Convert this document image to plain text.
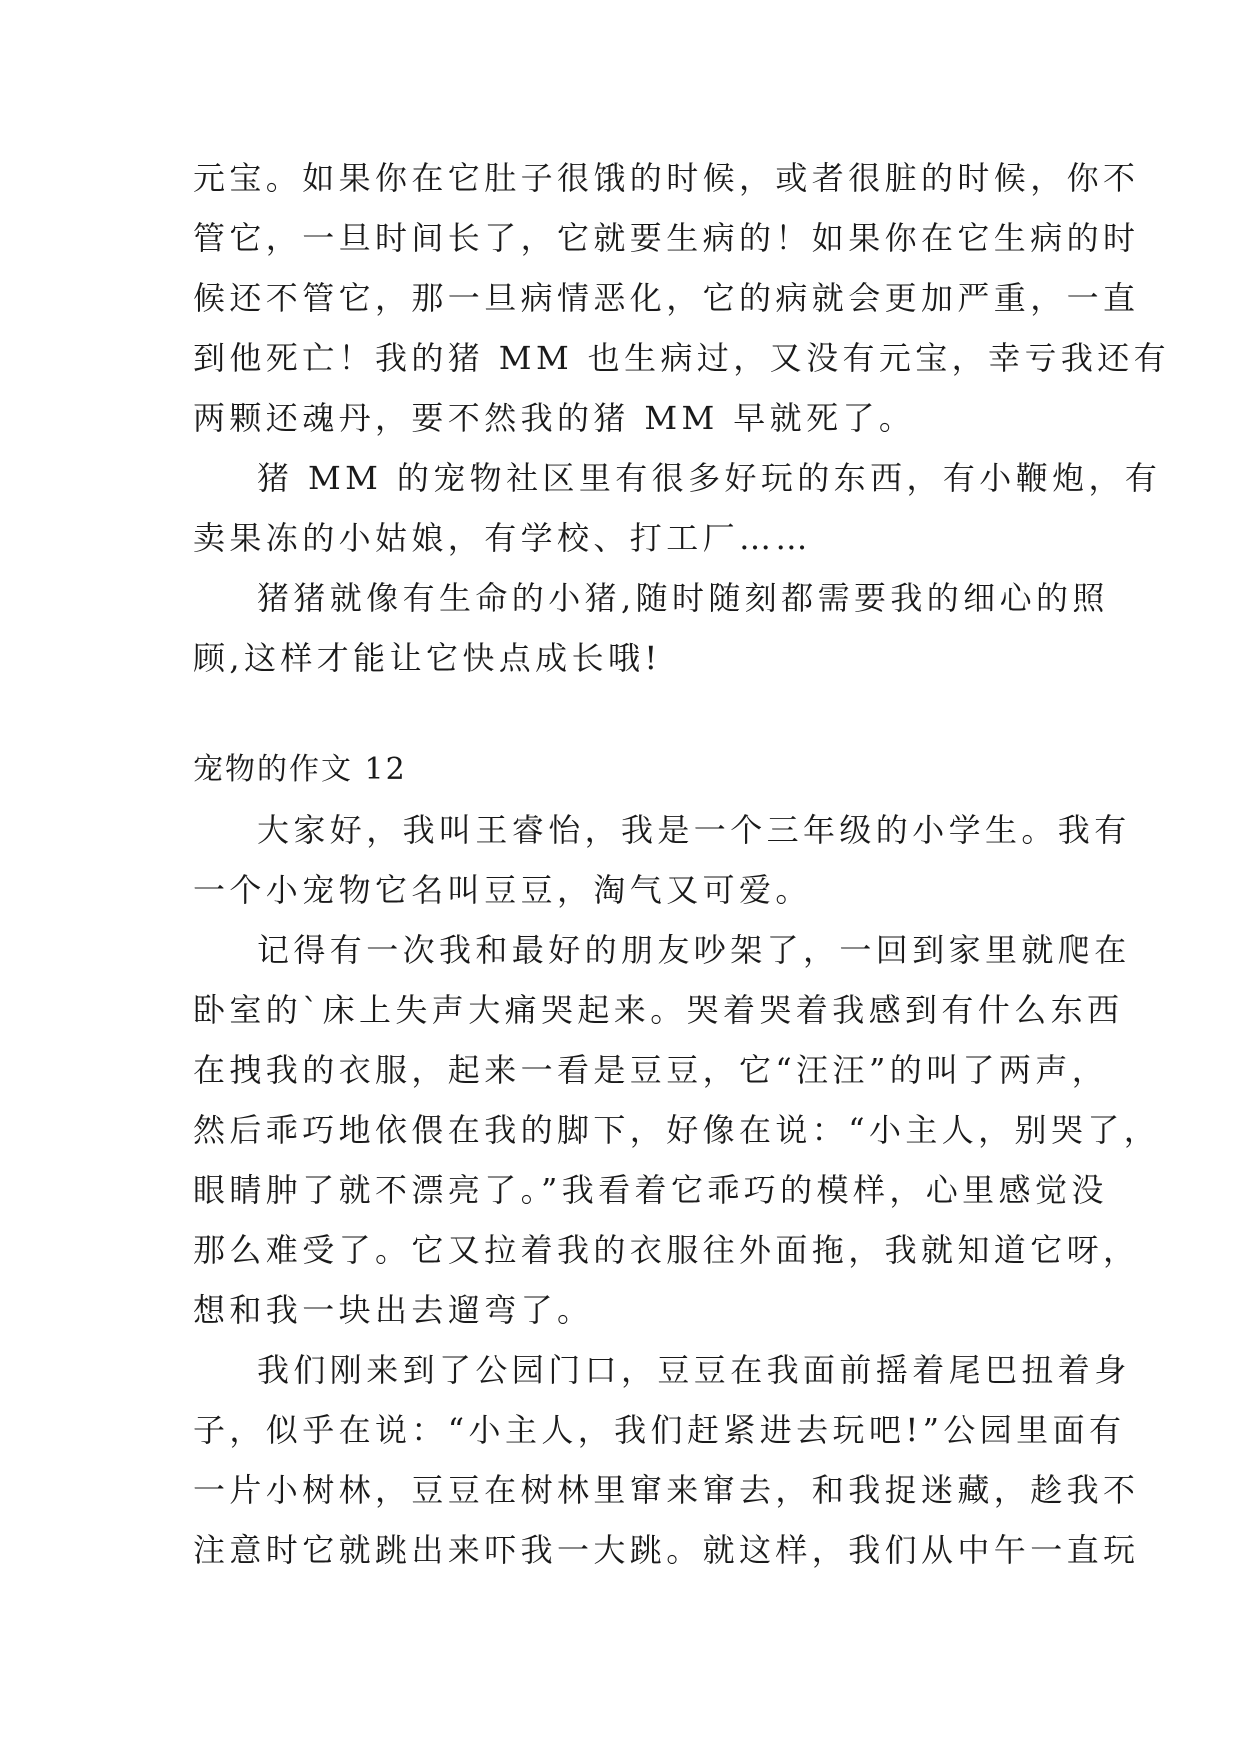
元宝。如果你在它肚子很饿的时候，或者很脏的时候，你不
管它，一旦时间长了，它就要生病的！如果你在它生病的时
候还不管它，那一旦病情恶化，它的病就会更加严重，一直
到他死亡！我的猪 MM 也生病过，又没有元宝，幸亏我还有
两颗还魂丹，要不然我的猪 MM 早就死了。
猪 MM 的宠物社区里有很多好玩的东西，有小鞭炮，有
卖果冻的小姑娘，有学校、打工厂……
猪猪就像有生命的小猪,随时随刻都需要我的细心的照
顾,这样才能让它快点成长哦!
宠物的作文 12
大家好，我叫王睿怡，我是一个三年级的小学生。我有
一个小宠物它名叫豆豆，淘气又可爱。
记得有一次我和最好的朋友吵架了，一回到家里就爬在
卧室的`床上失声大痛哭起来。哭着哭着我感到有什么东西
在拽我的衣服，起来一看是豆豆，它“汪汪”的叫了两声，
然后乖巧地依偎在我的脚下，好像在说：“小主人，别哭了，
眼睛肿了就不漂亮了。”我看着它乖巧的模样，心里感觉没
那么难受了。它又拉着我的衣服往外面拖，我就知道它呀，
想和我一块出去遛弯了。
我们刚来到了公园门口，豆豆在我面前摇着尾巴扭着身
子，似乎在说：“小主人，我们赶紧进去玩吧!”公园里面有
一片小树林，豆豆在树林里窜来窜去，和我捉迷藏，趁我不
注意时它就跳出来吓我一大跳。就这样，我们从中午一直玩
